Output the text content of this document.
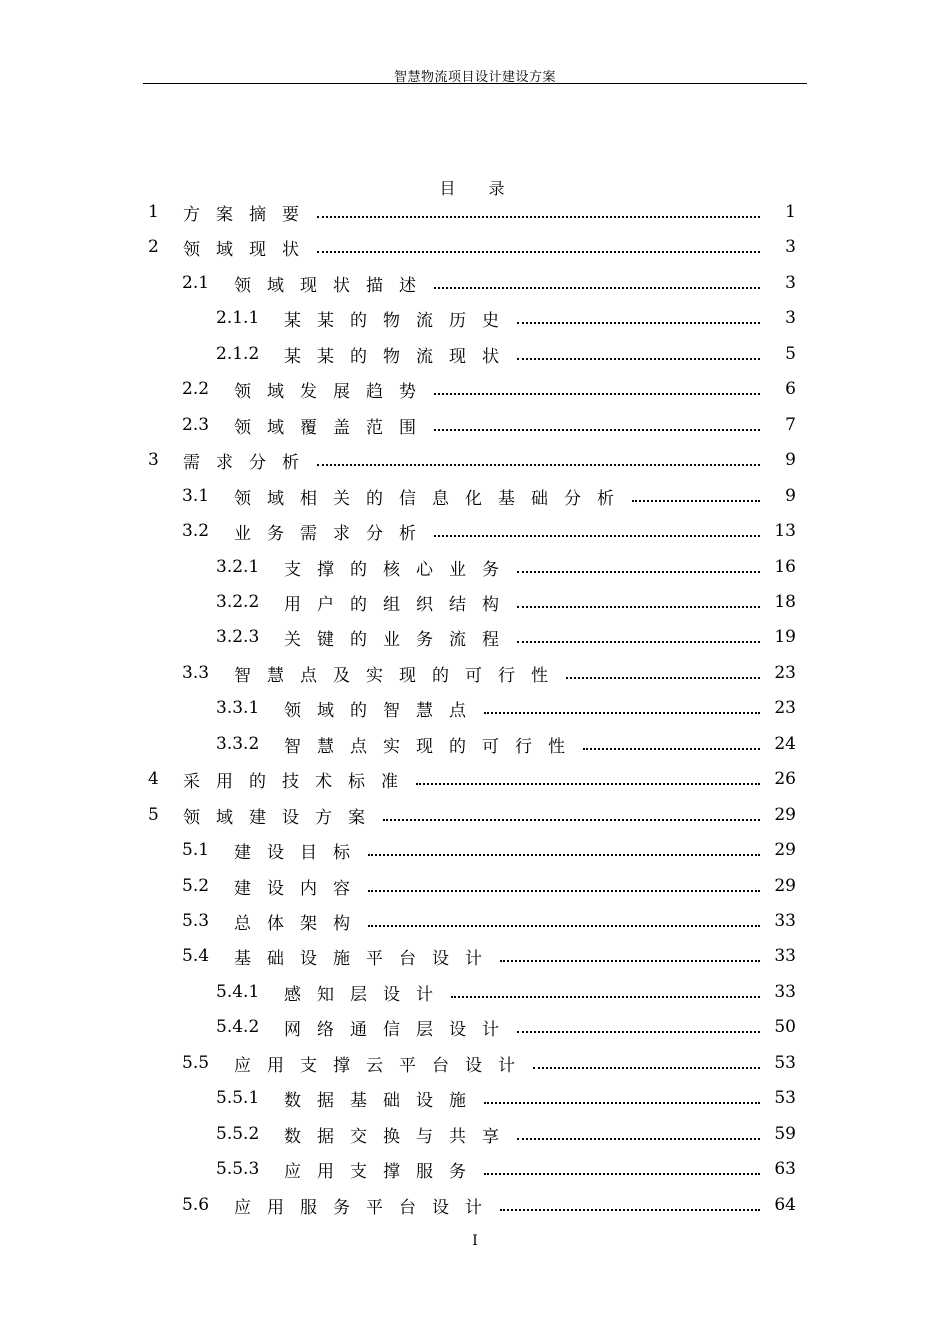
智慧物流项目设计建设方案
目 录
1	方案摘要	1
2	领域现状	3
2.1	领域现状描述	3
2.1.1	某某的物流历史	3
2.1.2	某某的物流现状	5
2.2	领域发展趋势	6
2.3	领域覆盖范围	7
3	需求分析	9
3.1	领域相关的信息化基础分析	9
3.2	业务需求分析	13
3.2.1	支撑的核心业务	16
3.2.2	用户的组织结构	18
3.2.3	关键的业务流程	19
3.3	智慧点及实现的可行性	23
3.3.1	领域的智慧点	23
3.3.2	智慧点实现的可行性	24
4	采用的技术标准	26
5	领域建设方案	29
5.1	建设目标	29
5.2	建设内容	29
5.3	总体架构	33
5.4	基础设施平台设计	33
5.4.1	感知层设计	33
5.4.2	网络通信层设计	50
5.5	应用支撑云平台设计	53
5.5.1	数据基础设施	53
5.5.2	数据交换与共享	59
5.5.3	应用支撑服务	63
5.6	应用服务平台设计	64
I
